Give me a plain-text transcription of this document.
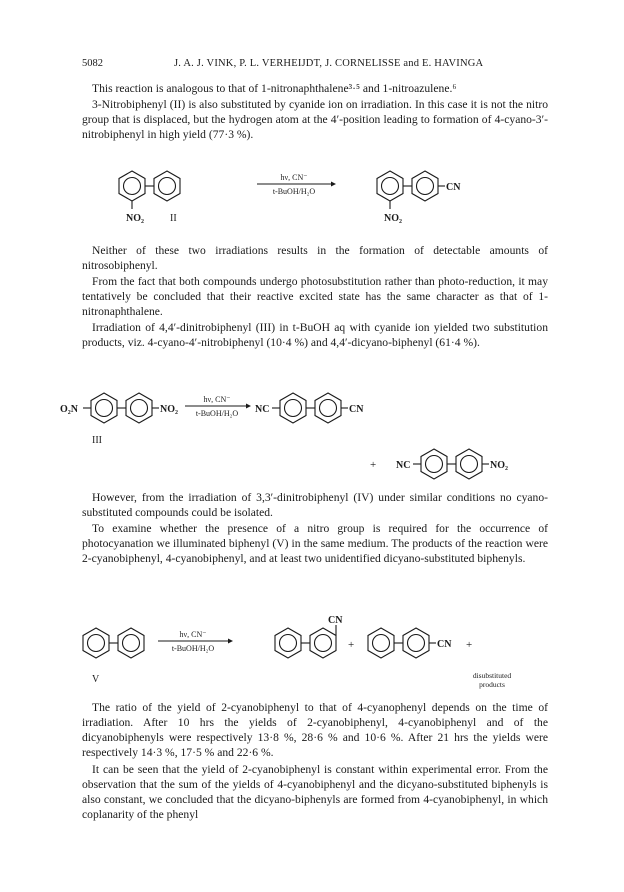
5082	J. A. J. VINK, P. L. VERHEIJDT, J. CORNELISSE and E. HAVINGA

This reaction is analogous to that of 1-nitronaphthalene³·⁵ and 1-nitroazulene.⁶

3-Nitrobiphenyl (II) is also substituted by cyanide ion on irradiation. In this case it is not the nitro group that is displaced, but the hydrogen atom at the 4′-position leading to formation of 4-cyano-3′-nitrobiphenyl in high yield (77·3 %).

NO₂	II
hν, CN⁻
t-BuOH/H₂O	CN
NO₂

Neither of these two irradiations results in the formation of detectable amounts of nitrosobiphenyl.

From the fact that both compounds undergo photosubstitution rather than photo-reduction, it may tentatively be concluded that their reactive excited state has the same character as that of 1-nitronaphthalene.

Irradiation of 4,4′-dinitrobiphenyl (III) in t-BuOH aq with cyanide ion yielded two substitution products, viz. 4-cyano-4′-nitrobiphenyl (10·4 %) and 4,4′-dicyano-biphenyl (61·4 %).

O₂N	NO₂
III
hν, CN⁻
t-BuOH/H₂O NC	CN
+ NC	NO₂

However, from the irradiation of 3,3′-dinitrobiphenyl (IV) under similar conditions no cyano-substituted compounds could be isolated.

To examine whether the presence of a nitro group is required for the occurrence of photocyanation we illuminated biphenyl (V) in the same medium. The products of the reaction were 2-cyanobiphenyl, 4-cyanobiphenyl, and at least two unidentified dicyano-substituted biphenyls.

V
hν, CN⁻
t-BuOH/H₂O
CN
+	CN +
disubstituted
products

The ratio of the yield of 2-cyanobiphenyl to that of 4-cyanophenyl depends on the time of irradiation. After 10 hrs the yields of 2-cyanobiphenyl, 4-cyanobiphenyl and of the dicyanobiphenyls were respectively 13·8 %, 28·6 % and 10·6 %. After 21 hrs the yields were respectively 14·3 %, 17·5 % and 22·6 %.

It can be seen that the yield of 2-cyanobiphenyl is constant within experimental error. From the observation that the sum of the yields of 4-cyanobiphenyl and the dicyano-substituted biphenyls is also constant, we concluded that the dicyano-biphenyls are formed from 4-cyanobiphenyl, in which coplanarity of the phenyl
